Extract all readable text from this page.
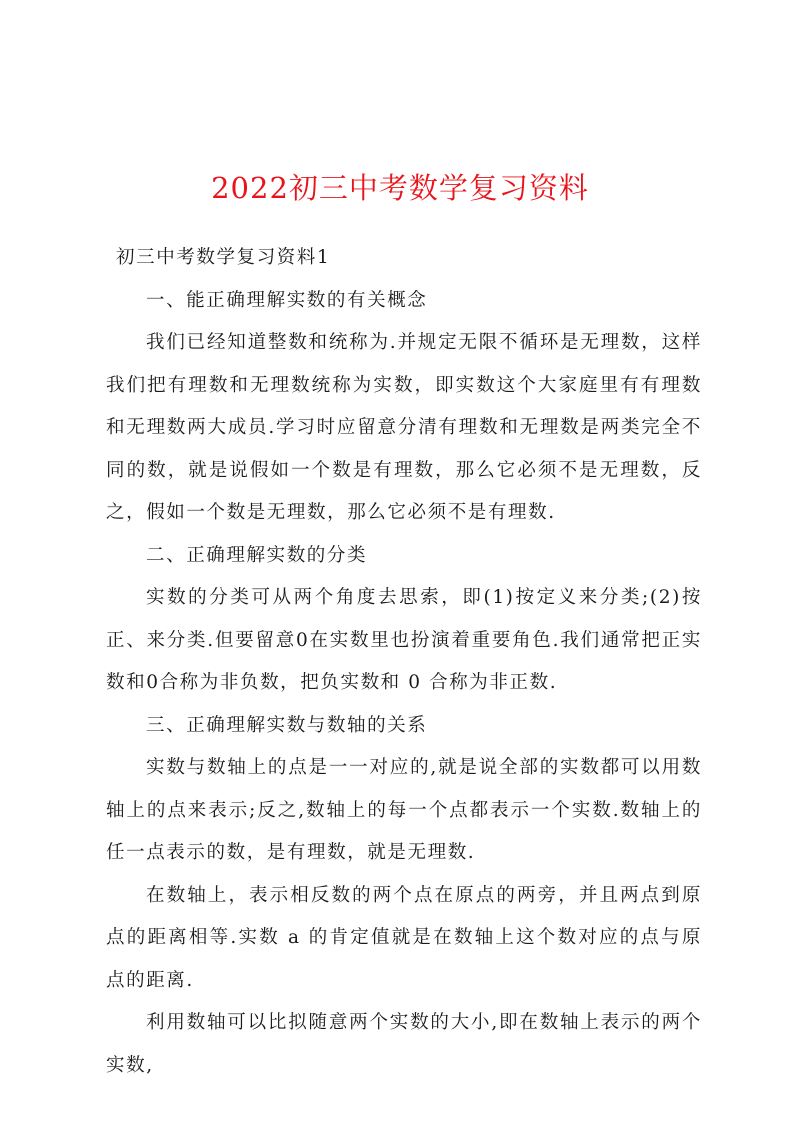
2022初三中考数学复习资料

初三中考数学复习资料1

一、能正确理解实数的有关概念

我们已经知道整数和统称为.并规定无限不循环是无理数，这样我们把有理数和无理数统称为实数，即实数这个大家庭里有有理数和无理数两大成员.学习时应留意分清有理数和无理数是两类完全不同的数，就是说假如一个数是有理数，那么它必须不是无理数，反之，假如一个数是无理数，那么它必须不是有理数.

二、正确理解实数的分类

实数的分类可从两个角度去思索，即(1)按定义来分类;(2)按正、来分类.但要留意0在实数里也扮演着重要角色.我们通常把正实数和0合称为非负数，把负实数和 0 合称为非正数.

三、正确理解实数与数轴的关系

实数与数轴上的点是一一对应的,就是说全部的实数都可以用数轴上的点来表示;反之,数轴上的每一个点都表示一个实数.数轴上的任一点表示的数，是有理数，就是无理数.

在数轴上，表示相反数的两个点在原点的两旁，并且两点到原点的距离相等.实数 a 的肯定值就是在数轴上这个数对应的点与原点的距离.

利用数轴可以比拟随意两个实数的大小,即在数轴上表示的两个实数,
